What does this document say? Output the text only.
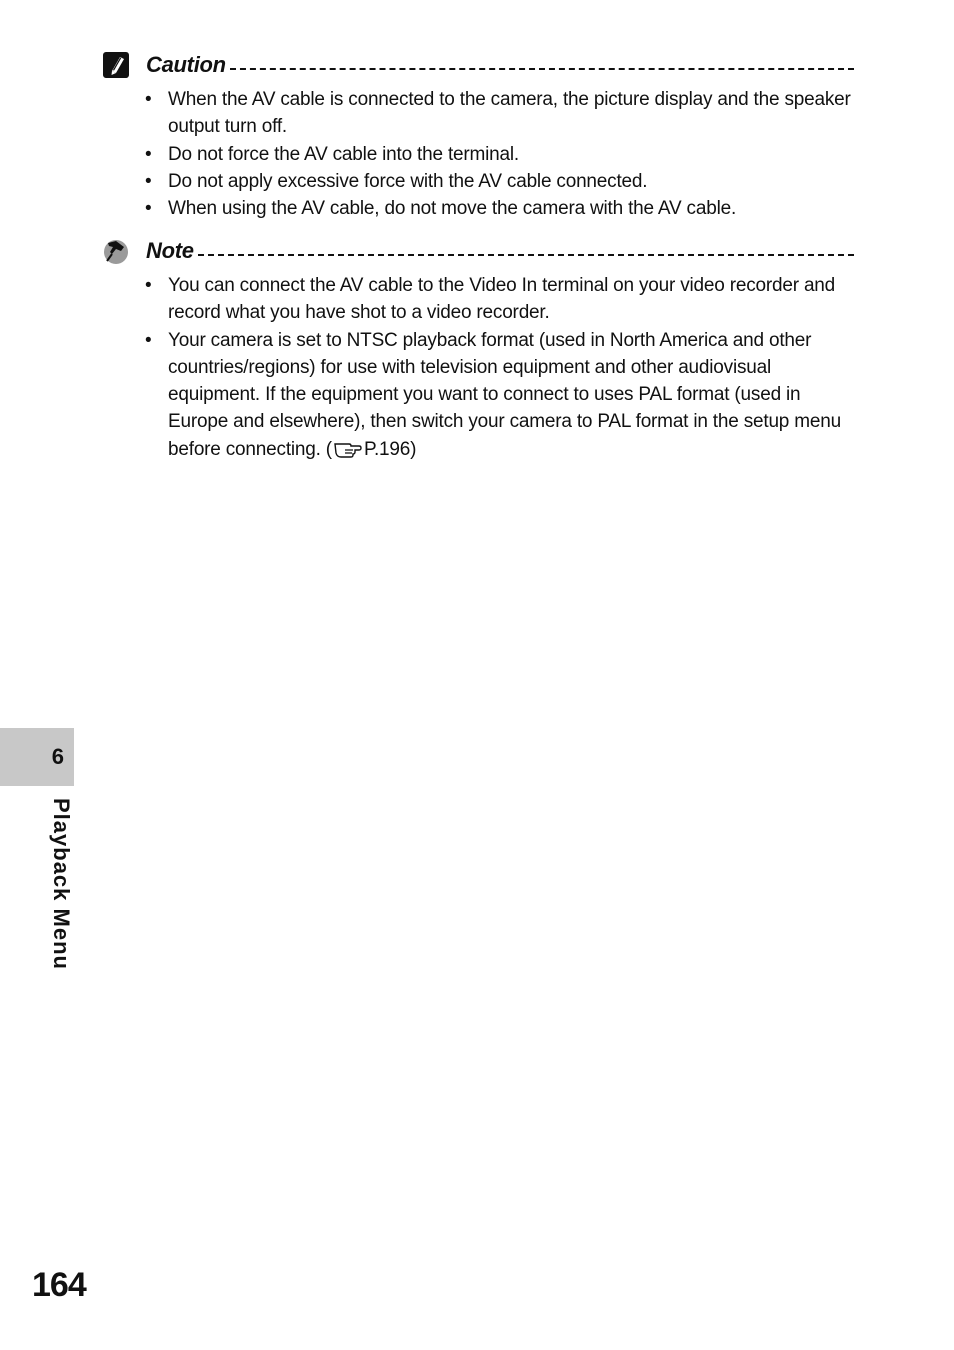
Caution
• When the AV cable is connected to the camera, the picture display and the speaker output turn off.
• Do not force the AV cable into the terminal.
• Do not apply excessive force with the AV cable connected.
• When using the AV cable, do not move the camera with the AV cable.
Note
• You can connect the AV cable to the Video In terminal on your video recorder and record what you have shot to a video recorder.
• Your camera is set to NTSC playback format (used in North America and other countries/regions) for use with television equipment and other audiovisual equipment. If the equipment you want to connect to uses PAL format (used in Europe and elsewhere), then switch your camera to PAL format in the setup menu before connecting. ( P.196)
6
Playback Menu
164
